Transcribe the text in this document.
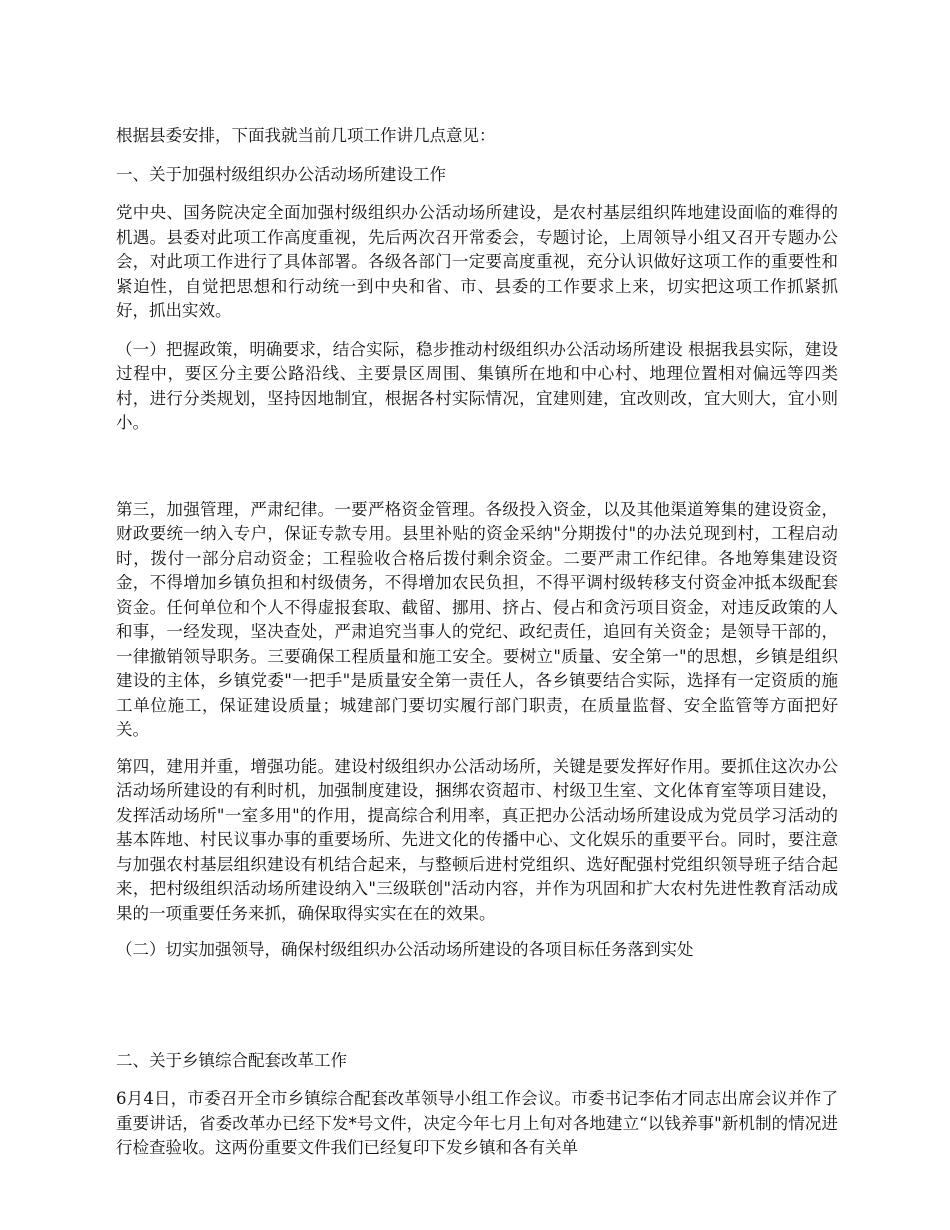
根据县委安排，下面我就当前几项工作讲几点意见：

一、关于加强村级组织办公活动场所建设工作

党中央、国务院决定全面加强村级组织办公活动场所建设，是农村基层组织阵地建设面临的难得的机遇。县委对此项工作高度重视，先后两次召开常委会，专题讨论，上周领导小组又召开专题办公会，对此项工作进行了具体部署。各级各部门一定要高度重视，充分认识做好这项工作的重要性和紧迫性，自觉把思想和行动统一到中央和省、市、县委的工作要求上来，切实把这项工作抓紧抓好，抓出实效。

（一）把握政策，明确要求，结合实际，稳步推动村级组织办公活动场所建设 根据我县实际，建设过程中，要区分主要公路沿线、主要景区周围、集镇所在地和中心村、地理位置相对偏远等四类村，进行分类规划，坚持因地制宜，根据各村实际情况，宜建则建，宜改则改，宜大则大，宜小则小。

第三，加强管理，严肃纪律。一要严格资金管理。各级投入资金，以及其他渠道筹集的建设资金，财政要统一纳入专户，保证专款专用。县里补贴的资金采纳"分期拨付"的办法兑现到村，工程启动时，拨付一部分启动资金；工程验收合格后拨付剩余资金。二要严肃工作纪律。各地筹集建设资金，不得增加乡镇负担和村级债务，不得增加农民负担，不得平调村级转移支付资金冲抵本级配套资金。任何单位和个人不得虚报套取、截留、挪用、挤占、侵占和贪污项目资金，对违反政策的人和事，一经发现，坚决查处，严肃追究当事人的党纪、政纪责任，追回有关资金；是领导干部的，一律撤销领导职务。三要确保工程质量和施工安全。要树立"质量、安全第一"的思想，乡镇是组织建设的主体，乡镇党委"一把手"是质量安全第一责任人，各乡镇要结合实际，选择有一定资质的施工单位施工，保证建设质量；城建部门要切实履行部门职责，在质量监督、安全监管等方面把好关。

第四，建用并重，增强功能。建设村级组织办公活动场所，关键是要发挥好作用。要抓住这次办公活动场所建设的有利时机，加强制度建设，捆绑农资超市、村级卫生室、文化体育室等项目建设，发挥活动场所"一室多用"的作用，提高综合利用率，真正把办公活动场所建设成为党员学习活动的基本阵地、村民议事办事的重要场所、先进文化的传播中心、文化娱乐的重要平台。同时，要注意与加强农村基层组织建设有机结合起来，与整顿后进村党组织、选好配强村党组织领导班子结合起来，把村级组织活动场所建设纳入"三级联创"活动内容，并作为巩固和扩大农村先进性教育活动成果的一项重要任务来抓，确保取得实实在在的效果。

（二）切实加强领导，确保村级组织办公活动场所建设的各项目标任务落到实处

二、关于乡镇综合配套改革工作

6月4日，市委召开全市乡镇综合配套改革领导小组工作会议。市委书记李佑才同志出席会议并作了重要讲话，省委改革办已经下发*号文件，决定今年七月上旬对各地建立“以钱养事"新机制的情况进行检查验收。这两份重要文件我们已经复印下发乡镇和各有关单
